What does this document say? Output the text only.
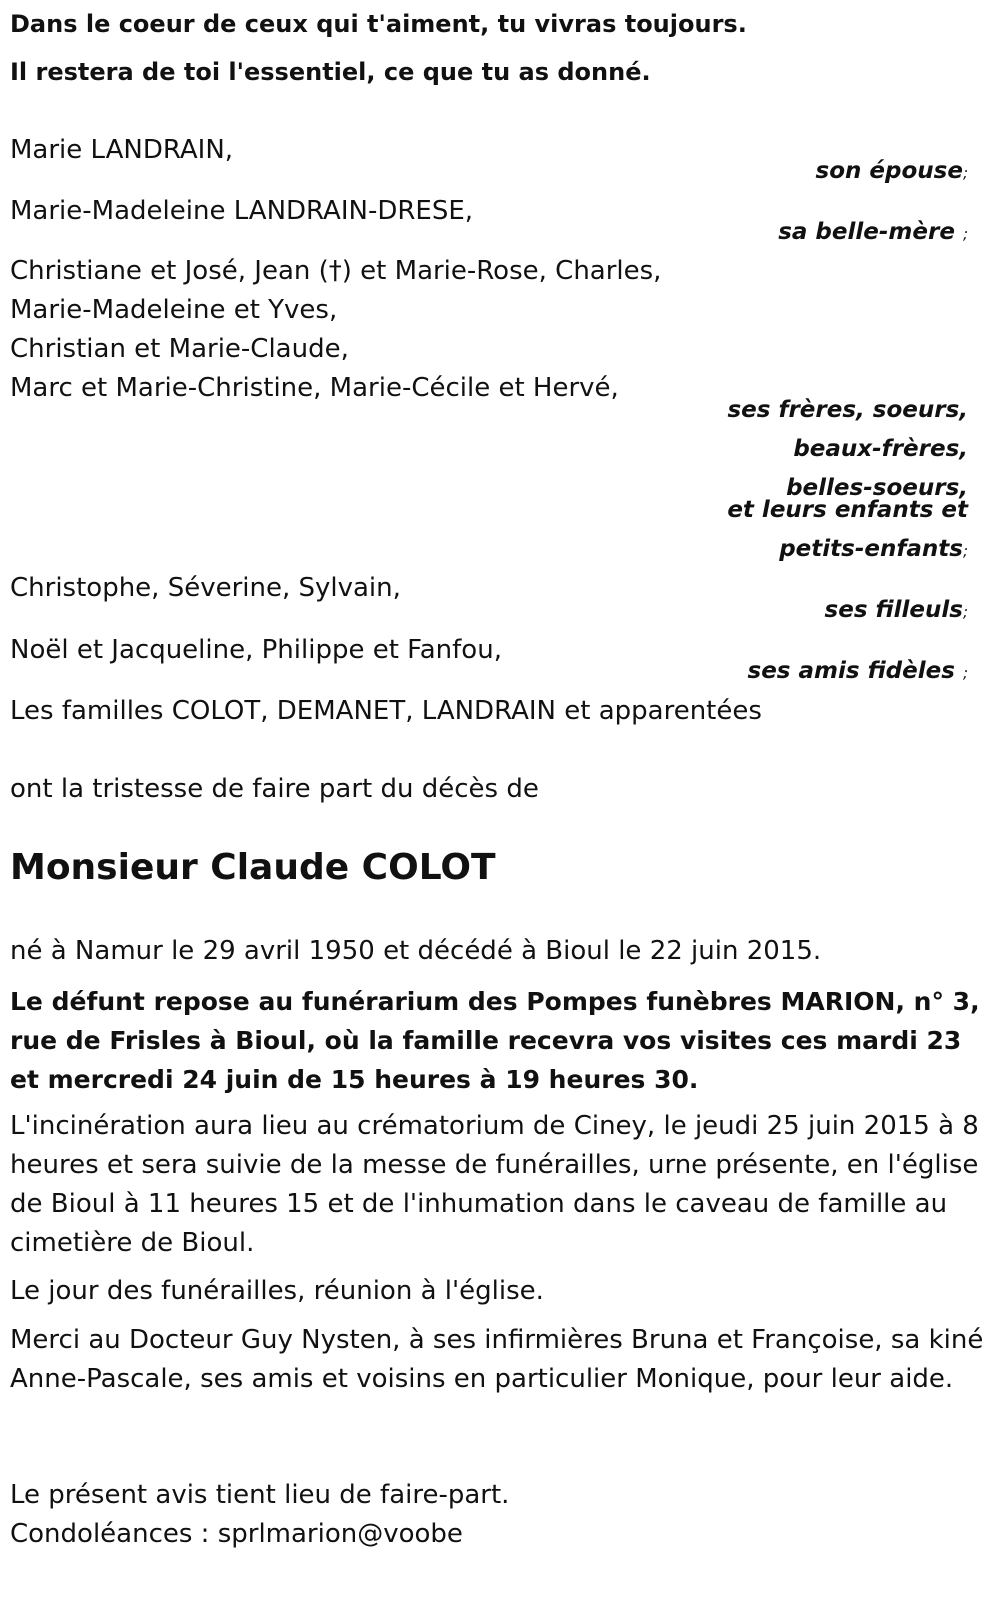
Dans le coeur de ceux qui t'aiment, tu vivras toujours.

Il restera de toi l'essentiel, ce que tu as donné.

Marie LANDRAIN,

son épouse;

Marie-Madeleine LANDRAIN-DRESE,

sa belle-mère ;

Christiane et José, Jean (†) et Marie-Rose, Charles,

Marie-Madeleine et Yves,

Christian et Marie-Claude,

Marc et Marie-Christine, Marie-Cécile et Hervé,

ses frères, soeurs,
beaux-frères,
belles-soeurs,
et leurs enfants et
petits-enfants;

Christophe, Séverine, Sylvain,

ses filleuls;

Noël et Jacqueline, Philippe et Fanfou,

ses amis fidèles ;

Les familles COLOT, DEMANET, LANDRAIN et apparentées

ont la tristesse de faire part du décès de

Monsieur Claude COLOT

né à Namur le 29 avril 1950 et décédé à Bioul le 22 juin 2015.

Le défunt repose au funérarium des Pompes funèbres MARION, n° 3, rue de Frisles à Bioul, où la famille recevra vos visites ces mardi 23 et mercredi 24 juin de 15 heures à 19 heures 30.

L'incinération aura lieu au crématorium de Ciney, le jeudi 25 juin 2015 à 8 heures et sera suivie de la messe de funérailles, urne présente, en l'église de Bioul à 11 heures 15 et de l'inhumation dans le caveau de famille au cimetière de Bioul.

Le jour des funérailles, réunion à l'église.

Merci au Docteur Guy Nysten, à ses infirmières Bruna et Françoise, sa kiné Anne-Pascale, ses amis et voisins en particulier Monique, pour leur aide.

Le présent avis tient lieu de faire-part.

Condoléances : sprlmarion@voobe
